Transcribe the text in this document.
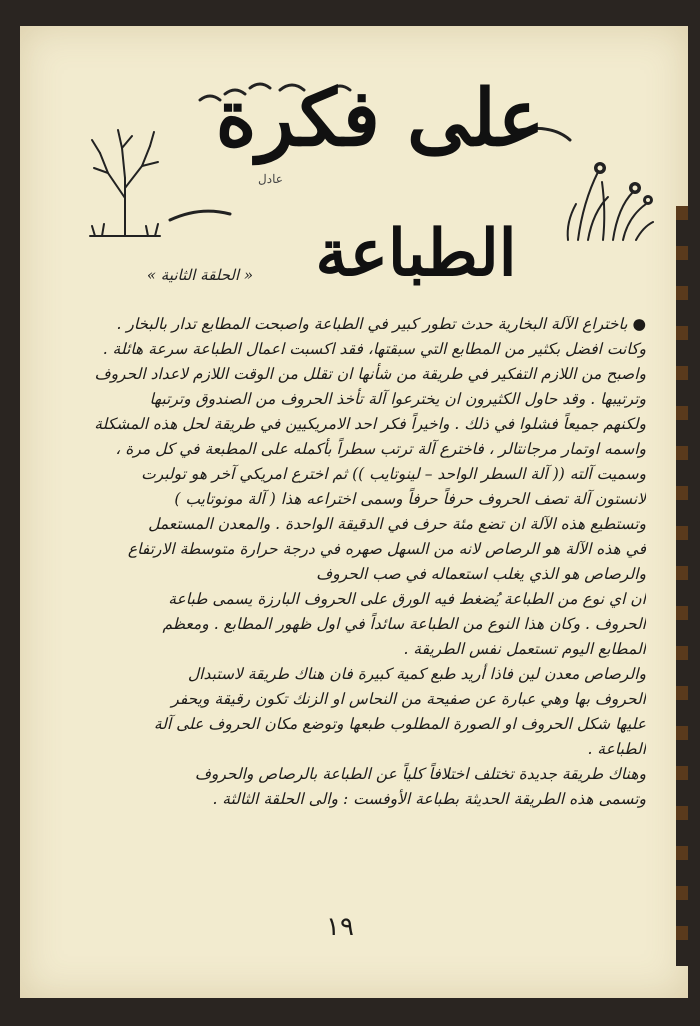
على فكرة
عادل
الطباعة
« الحلقة الثانية »
● باختراع الآلة البخارية حدث تطور كبير في الطباعة واصبحت المطابع تدار بالبخار .
وكانت افضل بكثير من المطابع التي سبقتها، فقد اكسبت اعمال الطباعة سرعة هائلة .
واصبح من اللازم التفكير في طريقة من شأنها ان تقلل من الوقت اللازم لاعداد الحروف
وترتيبها . وقد حاول الكثيرون ان يخترعوا آلة تأخذ الحروف من الصندوق وترتبها
ولكنهم جميعاً فشلوا في ذلك . واخيراً فكر احد الامريكيين في طريقة لحل هذه المشكلة
واسمه اوتمار مرجانتالر ، فاخترع آلة ترتب سطراً بأكمله على المطبعة في كل مرة ،
وسميت آلته (( آلة السطر الواحد – لينوتايب )) ثم اخترع امريكي آخر هو تولبرت
لانستون آلة تصف الحروف حرفاً حرفاً وسمى اختراعه هذا ( آلة مونوتايب )
وتستطيع هذه الآلة ان تضع مئة حرف في الدقيقة الواحدة . والمعدن المستعمل
في هذه الآلة هو الرصاص لانه من السهل صهره في درجة حرارة متوسطة الارتفاع
والرصاص هو الذي يغلب استعماله في صب الحروف
ان اي نوع من الطباعة يُضغط فيه الورق على الحروف البارزة يسمى طباعة
الحروف . وكان هذا النوع من الطباعة سائداً في اول ظهور المطابع . ومعظم
المطابع اليوم تستعمل نفس الطريقة .
والرصاص معدن لين فاذا أريد طبع كمية كبيرة فان هناك طريقة لاستبدال
الحروف بها وهي عبارة عن صفيحة من النحاس او الزنك تكون رقيقة ويحفر
عليها شكل الحروف او الصورة المطلوب طبعها وتوضع مكان الحروف على آلة
الطباعة .
وهناك طريقة جديدة تختلف اختلافاً كلياً عن الطباعة بالرصاص والحروف
وتسمى هذه الطريقة الحديثة بطباعة الأوفست : والى الحلقة الثالثة .
١٩
